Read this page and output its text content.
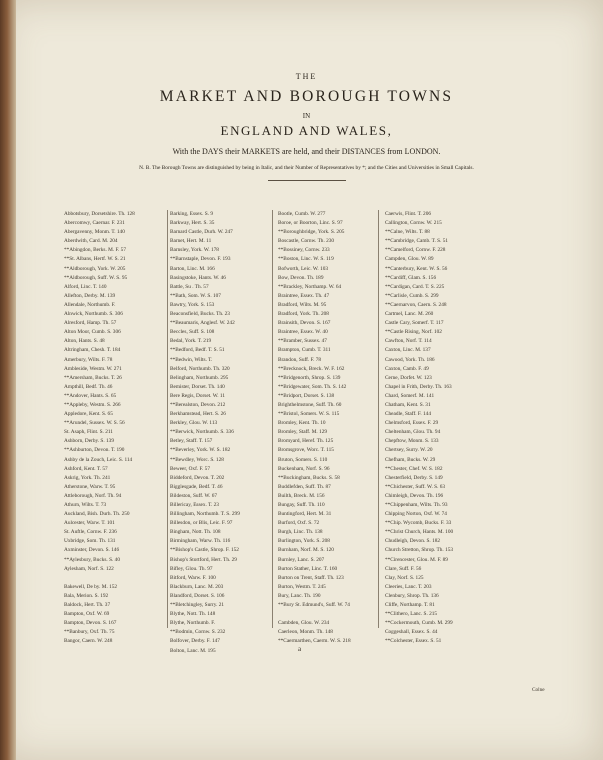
THE
MARKET AND BOROUGH TOWNS
IN
ENGLAND AND WALES,
With the DAYS their MARKETS are held, and their DISTANCES from LONDON.
N. B. The Borough Towns are distinguished by being in Italic, and their Number of Representatives by *; and the Cities and Universities in Small Capitals.
Abbotsbury, Dorsetshire. Th. 128
Abercomwy, Caernar. F. 231
Abergavenny, Monm. T. 140
Aberdwith, Card. M. 204
**Abingdon, Berks. M. F. 57
**St. Albans, Hertf. W. S. 21
**Aldborough, York. W. 205
**Aldborough, Suff. W. S. 95
Alford, Linc. T. 140
Allefton, Derby. M. 139
Allendale, Northumb. F.
Alnwick, Northumb. S. 306
Alresford, Hamp. Th. 57
Alton Moor, Cumb. S. 306
Alton, Hants. S. 48
Altringham, Chesh. T. 184
Amerbury, Wilts. F. 78
Ambleside, Westm. W. 271
**Amersham, Bucks. T. 26
Ampthill, Bedf. Th. 46
**Andover, Hants. S. 65
**Appleby, Westm. S. 266
Appledore, Kent. S. 65
**Arundel, Sussex. W. S. 56
St. Asaph, Flint. S. 211
Ashborn, Derby. S. 139
**Ashburton, Devon. T. 190
Ashby de la Zouch, Leic. S. 114
Ashford, Kent. T. 57
Askrig, York. Th. 241
Atherstone, Warw. T. 95
Attleborough, Norf. Th. 94
Athurn, Wilts. T. 73
Auckland, Bish. Durh. Th. 250
Aulcester, Warw. T. 101
St. Auftle, Cornw. F. 236
Uxbridge, Som. Th. 131
Axminster, Devon. S. 146
**Aylesbury, Bucks. S. 40
Aylesham, Norf. S. 122
Bakewell, De by. M. 152
Bala, Merion. S. 192
Baldock, Hert. Th. 37
Bampton, Oxf. W. 69
Bampton, Devon. S. 167
**Banbury, Oxf. Th. 75
Bangor, Caern. W. 248
Barking, Essex. S. 9
Barkway, Hert. S. 35
Barnard Castle, Durh. W. 247
Barnet, Hert. M. 11
Barnsley, York. W. 178
**Barnstaple, Devon. F. 193
Barton, Linc. M. 166
Basingstoke, Hants. W. 46
Battle, Su . Th. 57
**Bath, Som. W. S. 107
Bawtry, York. S. 153
Beaconsfield, Bucks. Th. 23
**Beaumaris, Anglesf. W. 242
Beccles, Suff. S. 108
Bedal, York. T. 219
**Bedford, Bedf. T. S. 51
**Bedwin, Wilts. T.
Belford, Northumb. Th. 320
Belingham, Northumb. 295
Bemister, Dorset. Th. 140
Bere Regis, Dorset. W. 11
**Berealston, Devon. 212
Berkhamstead, Hert. S. 26
Berkley, Glou. W. 113
**Berwick, Northumb. S. 336
Betley, Staff. T. 157
**Beverley, York. W. S. 182
**Bewdley, Worc. S. 128
Beweer, Oxf. F. 57
Biddeford, Devon. T. 202
Bigglesgade, Bedf. T. 46
Bildeston, Suff. W. 67
Billericay, Essex. T. 23
Billingham, Northumb. T. S. 299
Billesdon, or Blis, Leic. F. 97
Bingham, Nott. Th. 108
Birmingham, Warw. Th. 116
**Bishop's Castle, Shrop. F. 152
Bishop's Stortford, Hert. Th. 29
Bifley, Glou. Th. 97
Bitford, Warw. F. 100
Blackburn, Lanc. M. 203
Blandford, Dorset. S. 106
**Bletchingley, Surry. 21
Blythe, Nott. Th. 148
Blythe, Northumb. F.
**Bodmin, Cornw. S. 232
Bolfover, Derby. F. 147
Bolton, Lanc. M. 195
Bootle, Cumb. W. 277
Boroe, or Boorton, Linc. S. 97
**Boroughbridge, York. S. 205
Boscastle, Cornw. Th. 230
**Bossiney, Cornw. 233
**Boston, Linc. W. S. 119
Bofworth, Leic. W. 103
Bow, Devon. Th. 189
**Brackley, Northamp. W. 64
Braintree, Essex. Th. 47
Bradford, Wilts. M. 95
Bradford, York. Th. 208
Brainsith, Devon. S. 167
Braintree, Essex. W. 40
**Bramber, Sussex. 47
Brampton, Cumb. T. 311
Brandon, Suff. F. 78
**Brecknock, Breck. W. F. 162
**Bridgenorth, Shrop. S. 139
**Bridgewater, Som. Th. S. 142
**Bridport, Dorset. S. 138
Brighthelmstone, Suff. Th. 60
**Bristol, Somers. W. S. 115
Bromley, Kent. Th. 10
Bromley, Staff. M. 129
Bromyard, Heref. Th. 125
Bromsgrove, Worc. T. 115
Bruton, Somers. S. 110
Buckenham, Norf. S. 96
**Buckingham, Bucks. S. 58
Buddlefden, Suff. Th. 87
Builth, Breck. M. 156
Bungay, Suff. Th. 110
Buntingford, Hert. M. 31
Burford, Oxf. S. 72
Burgh, Linc. Th. 138
Burlington, York. S. 208
Burnham, Norf. M. S. 120
Burnley, Lanc. S. 207
Burton Stather, Linc. T. 160
Burton on Trent, Staff. Th. 123
Burton, Westm. T. 245
Bury, Lanc. Th. 190
**Bury St. Edmund's, Suff. W. 74
Cambden, Glou. W. 234
Caerleon, Monm. Th. 148
**Caermarthen, Caerm. W. S. 218
Caerwis, Flint. T. 206
Callington, Cornw. W. 215
**Calne, Wilts. T. 88
**Cambridge, Camb. T. S. 51
**Camelford, Cornw. F. 228
Campden, Glou. W. 89
**Canterbury, Kent. W. S. 56
**Cardiff, Glam. S. 156
**Cardigan, Card. T. S. 225
**Carlisle, Cumb. S. 299
**Caernarvon, Caern. S. 248
Cartmel, Lanc. M. 260
Castle Cary, Somerf. T. 117
**Castle Rising, Norf. 102
Cawfton, Norf. T. 114
Caxton, Linc. M. 137
Cawood, York. Th. 186
Caxton, Camb. F. 49
Cerne, Dorfet. W. 123
Chapel in Frith, Derby. Th. 163
Chard, Somerf. M. 141
Chatham, Kent. S. 31
Cheadle, Staff. F. 144
Chelmsford, Essex. F. 29
Cheltenham, Glou. Th. 94
Chepftow, Monm. S. 133
Chertsey, Surry. W. 20
Chefham, Bucks. W. 29
**Chester, Chef. W. S. 182
Chesterfield, Derby. S. 149
**Chichester, Suff. W. S. 63
Chimleigh, Devon. Th. 196
**Chippenham, Wilts. Th. 93
Chipping Norton, Oxf. W. 74
**Chip. Wycomb, Bucks. F. 33
**Christ Church, Hants. M. 100
Chudleigh, Devon. S. 182
Church Stretton, Shrop. Th. 153
**Cirencester, Glou. M. F. 89
Clare, Suff. F. 56
Clay, Norf. S. 125
Cleeries, Lanc. T. 203
Clenbury, Shrop. Th. 136
Cliffe, Northamp. T. 81
**Clithero, Lanc. S. 215
**Cockermouth, Cumb. M. 299
Coggeshall, Essex. S. 44
**Colchester, Essex. S. 51
a
Colne
